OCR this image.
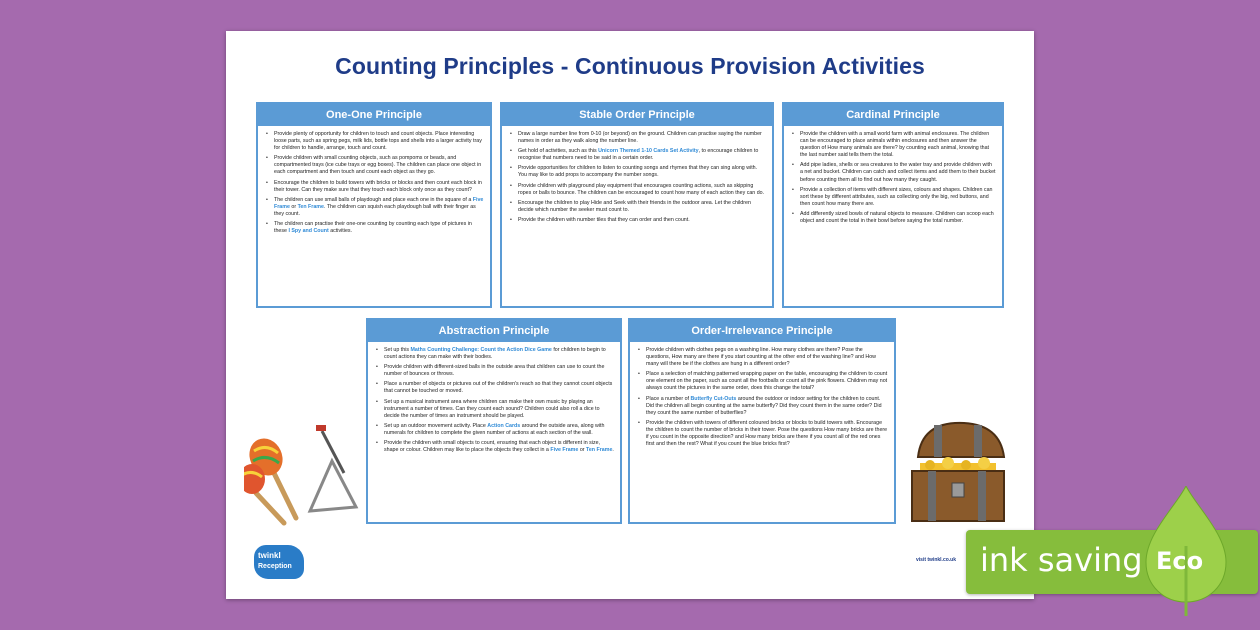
Counting Principles - Continuous Provision Activities
One-One Principle
• Provide plenty of opportunity for children to touch and count objects. Place interesting loose parts, such as spring pegs, milk lids, bottle tops and shells into a larger activity tray for children to handle, arrange, touch and count.
• Provide children with small counting objects, such as pompoms or beads, and compartmented trays (ice cube trays or egg boxes). The children can place one object in each compartment and then touch and count each object as they go.
• Encourage the children to build towers with bricks or blocks and then count each block in their tower. Can they make sure that they touch each block only once as they count?
• The children can use small balls of playdough and place each one in the square of a Five Frame or Ten Frame. The children can squish each playdough ball with their finger as they count.
• The children can practise their one-one counting by counting each type of pictures in these I Spy and Count activities.
Stable Order Principle
• Draw a large number line from 0-10 (or beyond) on the ground. Children can practise saying the number names in order as they walk along the number line.
• Get hold of activities, such as this Unicorn Themed 1-10 Cards Set Activity, to encourage children to recognise that numbers need to be said in a certain order.
• Provide opportunities for children to listen to counting songs and rhymes that they can sing along with. You may like to add props to accompany the number songs.
• Provide children with playground play equipment that encourages counting actions, such as skipping ropes or balls to bounce. The children can be encouraged to count how many of each action they can do.
• Encourage the children to play Hide and Seek with their friends in the outdoor area. Let the children decide which number the seeker must count to.
• Provide the children with number tiles that they can order and then count.
Cardinal Principle
• Provide the children with a small world farm with animal enclosures. The children can be encouraged to place animals within enclosures and then answer the question of How many animals are there? by counting each animal, knowing that the last number said tells them the total.
• Add pipe ladies, shells or sea creatures to the water tray and provide children with a net and bucket. Children can catch and collect items and add them to their bucket before counting them all to find out how many they caught.
• Provide a collection of items with different sizes, colours and shapes. Children can sort these by different attributes, such as collecting only the big, red buttons, and then count how many there are.
• Add differently sized bowls of natural objects to measure. Children can scoop each object and count the total in their bowl before saying the total number.
Abstraction Principle
• Set up this Maths Counting Challenge: Count the Action Dice Game for children to begin to count actions they can make with their bodies.
• Provide children with different-sized balls in the outside area that children can use to count the number of bounces or throws.
• Place a number of objects or pictures out of the children's reach so that they cannot count objects that cannot be touched or moved.
• Set up a musical instrument area where children can make their own music by playing an instrument a number of times. Can they count each sound? Children could also roll a dice to decide the number of times an instrument should be played.
• Set up an outdoor movement activity. Place Action Cards around the outside area, along with numerals for children to complete the given number of actions at each section of the wall.
• Provide the children with small objects to count, ensuring that each object is different in size, shape or colour. Children may like to place the objects they collect in a Five Frame or Ten Frame.
Order-Irrelevance Principle
• Provide children with clothes pegs on a washing line. How many clothes are there? Pose the questions, How many are there if you start counting at the other end of the washing line? and How many will there be if the clothes are hung in a different order?
• Place a selection of matching patterned wrapping paper on the table, encouraging the children to count one element on the paper, such as count all the footballs or count all the pink flowers. Children may not always count the pictures in the same order, does this change the total?
• Place a number of Butterfly Cut-Outs around the outdoor or indoor setting for the children to count. Did the children all begin counting at the same butterfly? Did they count them in the same order? Did they count the same number of butterflies?
• Provide the children with towers of different coloured bricks or blocks to build towers with. Encourage the children to count the number of bricks in their tower. Pose the questions How many bricks are there if you count in the opposite direction? and How many bricks are there if you count all of the red ones first and then the rest? What if you count the blue bricks first?
twinkl
Reception
visit twinkl.co.uk ink saving Eco
